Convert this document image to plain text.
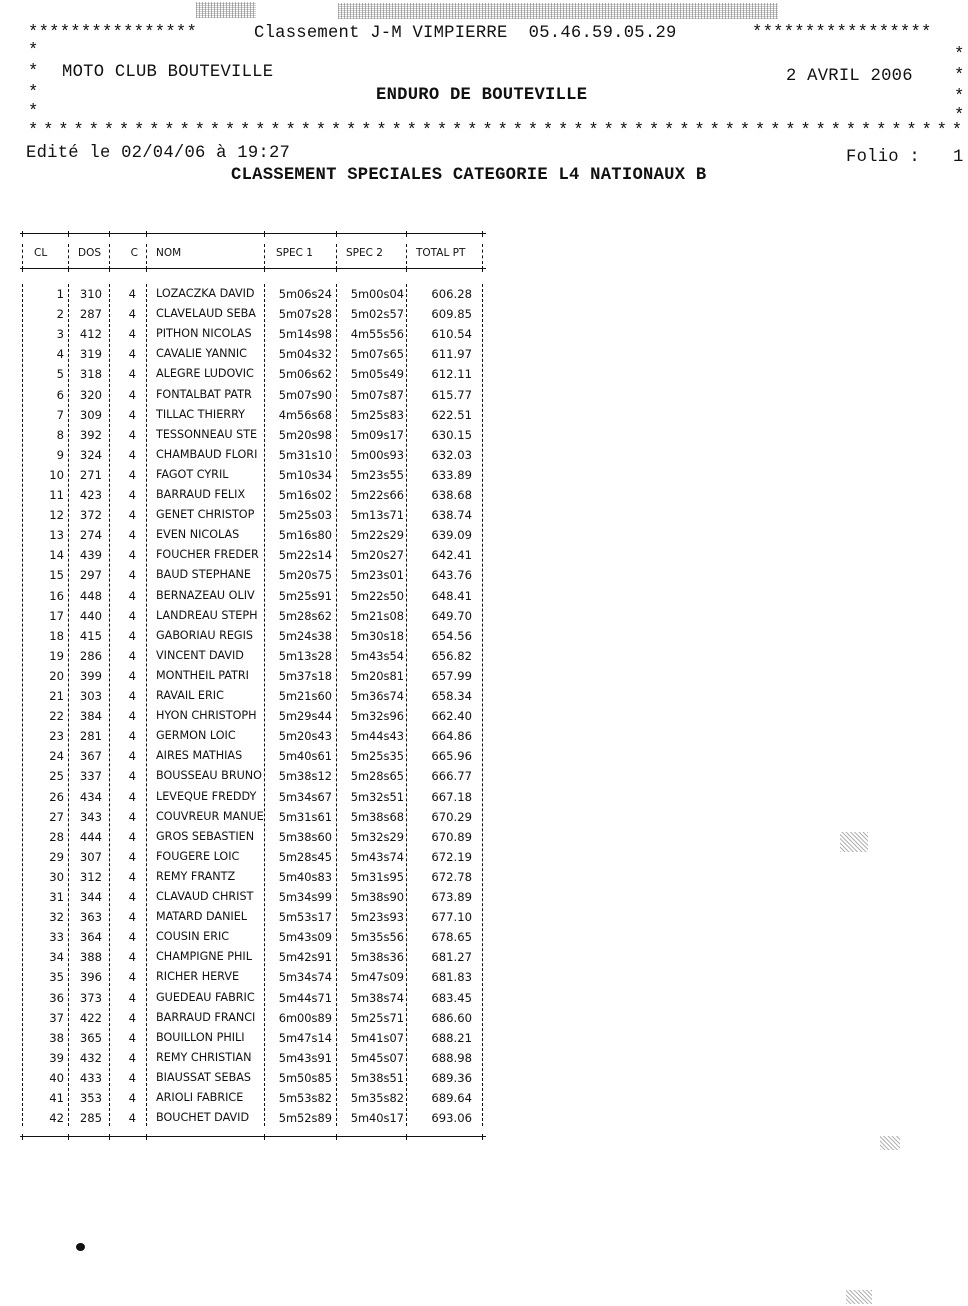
****************	Classement J-M VIMPIERRE  05.46.59.05.29	*****************
*	*
* MOTO CLUB BOUTEVILLE	2 AVRIL 2006 *
*	ENDURO DE BOUTEVILLE	*
*	*
**************************************************************
Edité le 02/04/06 à 19:27	Folio : 1
CLASSEMENT SPECIALES CATEGORIE L4 NATIONAUX B
CL	DOS	C NOM	SPEC 1	SPEC 2	TOTAL PT
1	310	4 LOZACZKA DAVID	5m06s24	5m00s04	606.28
2	287	4 CLAVELAUD SEBA	5m07s28	5m02s57	609.85
3	412	4 PITHON NICOLAS	5m14s98	4m55s56	610.54
4	319	4 CAVALIE YANNIC	5m04s32	5m07s65	611.97
5	318	4 ALEGRE LUDOVIC	5m06s62	5m05s49	612.11
6	320	4 FONTALBAT PATR	5m07s90	5m07s87	615.77
7	309	4 TILLAC THIERRY	4m56s68	5m25s83	622.51
8	392	4 TESSONNEAU STE	5m20s98	5m09s17	630.15
9	324	4 CHAMBAUD FLORI	5m31s10	5m00s93	632.03
10	271	4 FAGOT CYRIL	5m10s34	5m23s55	633.89
11	423	4 BARRAUD FELIX	5m16s02	5m22s66	638.68
12	372	4 GENET CHRISTOP	5m25s03	5m13s71	638.74
13	274	4 EVEN NICOLAS	5m16s80	5m22s29	639.09
14	439	4 FOUCHER FREDER	5m22s14	5m20s27	642.41
15	297	4 BAUD STEPHANE	5m20s75	5m23s01	643.76
16	448	4 BERNAZEAU OLIV	5m25s91	5m22s50	648.41
17	440	4 LANDREAU STEPH	5m28s62	5m21s08	649.70
18	415	4 GABORIAU REGIS	5m24s38	5m30s18	654.56
19	286	4 VINCENT DAVID	5m13s28	5m43s54	656.82
20	399	4 MONTHEIL PATRI	5m37s18	5m20s81	657.99
21	303	4 RAVAIL ERIC	5m21s60	5m36s74	658.34
22	384	4 HYON CHRISTOPH	5m29s44	5m32s96	662.40
23	281	4 GERMON LOIC	5m20s43	5m44s43	664.86
24	367	4 AIRES MATHIAS	5m40s61	5m25s35	665.96
25	337	4 BOUSSEAU BRUNO	5m38s12	5m28s65	666.77
26	434	4 LEVEQUE FREDDY	5m34s67	5m32s51	667.18
27	343	4 COUVREUR MANUE	5m31s61	5m38s68	670.29
28	444	4 GROS SEBASTIEN	5m38s60	5m32s29	670.89
29	307	4 FOUGERE LOIC	5m28s45	5m43s74	672.19
30	312	4 REMY FRANTZ	5m40s83	5m31s95	672.78
31	344	4 CLAVAUD CHRIST	5m34s99	5m38s90	673.89
32	363	4 MATARD DANIEL	5m53s17	5m23s93	677.10
33	364	4 COUSIN ERIC	5m43s09	5m35s56	678.65
34	388	4 CHAMPIGNE PHIL	5m42s91	5m38s36	681.27
35	396	4 RICHER HERVE	5m34s74	5m47s09	681.83
36	373	4 GUEDEAU FABRIC	5m44s71	5m38s74	683.45
37	422	4 BARRAUD FRANCI	6m00s89	5m25s71	686.60
38	365	4 BOUILLON PHILI	5m47s14	5m41s07	688.21
39	432	4 REMY CHRISTIAN	5m43s91	5m45s07	688.98
40	433	4 BIAUSSAT SEBAS	5m50s85	5m38s51	689.36
41	353	4 ARIOLI FABRICE	5m53s82	5m35s82	689.64
42	285	4 BOUCHET DAVID	5m52s89	5m40s17	693.06
